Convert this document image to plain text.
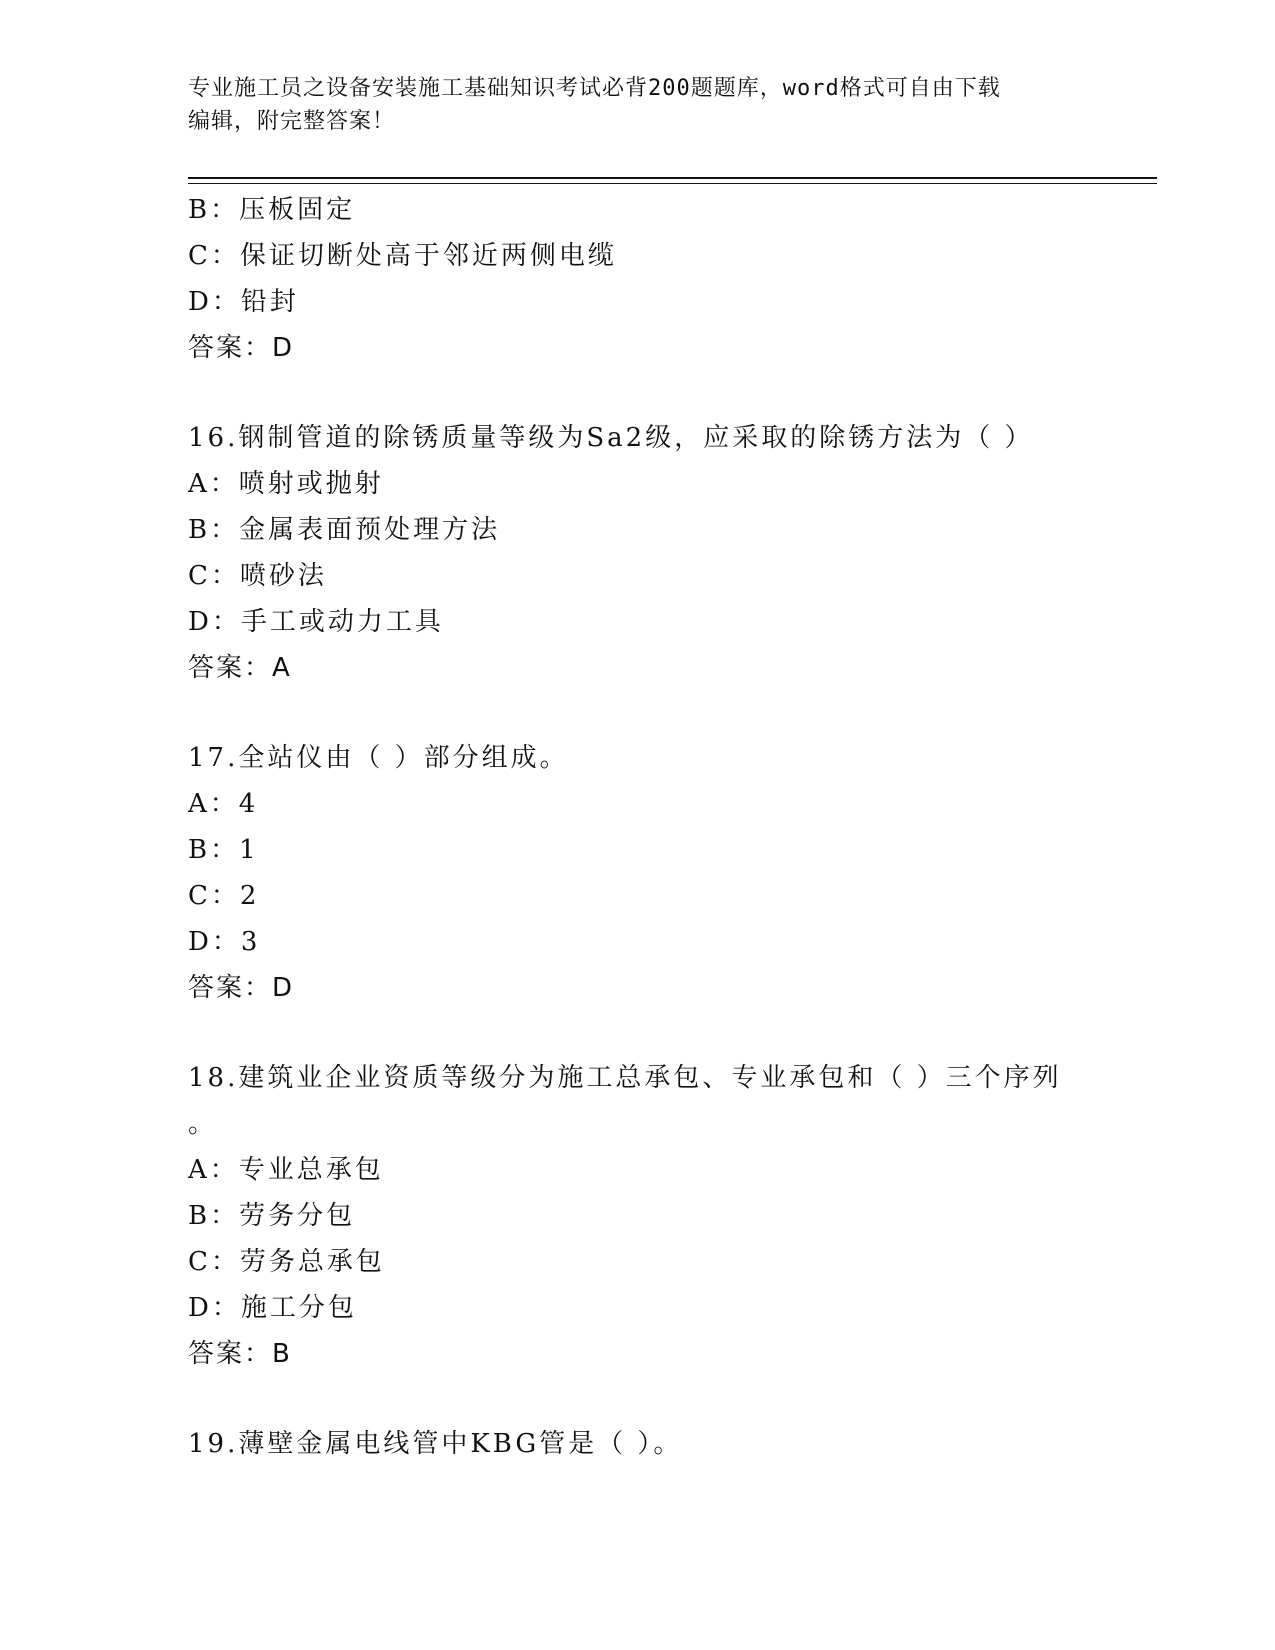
专业施工员之设备安装施工基础知识考试必背200题题库，word格式可自由下载
编辑，附完整答案！
B：压板固定
C：保证切断处高于邻近两侧电缆
D：铅封
答案：D
16.钢制管道的除锈质量等级为Sa2级，应采取的除锈方法为（ ）
A：喷射或抛射
B：金属表面预处理方法
C：喷砂法
D：手工或动力工具
答案：A
17.全站仪由（ ）部分组成。
A：4
B：1
C：2
D：3
答案：D
18.建筑业企业资质等级分为施工总承包、专业承包和（ ）三个序列
。
A：专业总承包
B：劳务分包
C：劳务总承包
D：施工分包
答案：B
19.薄壁金属电线管中KBG管是（ ）。
